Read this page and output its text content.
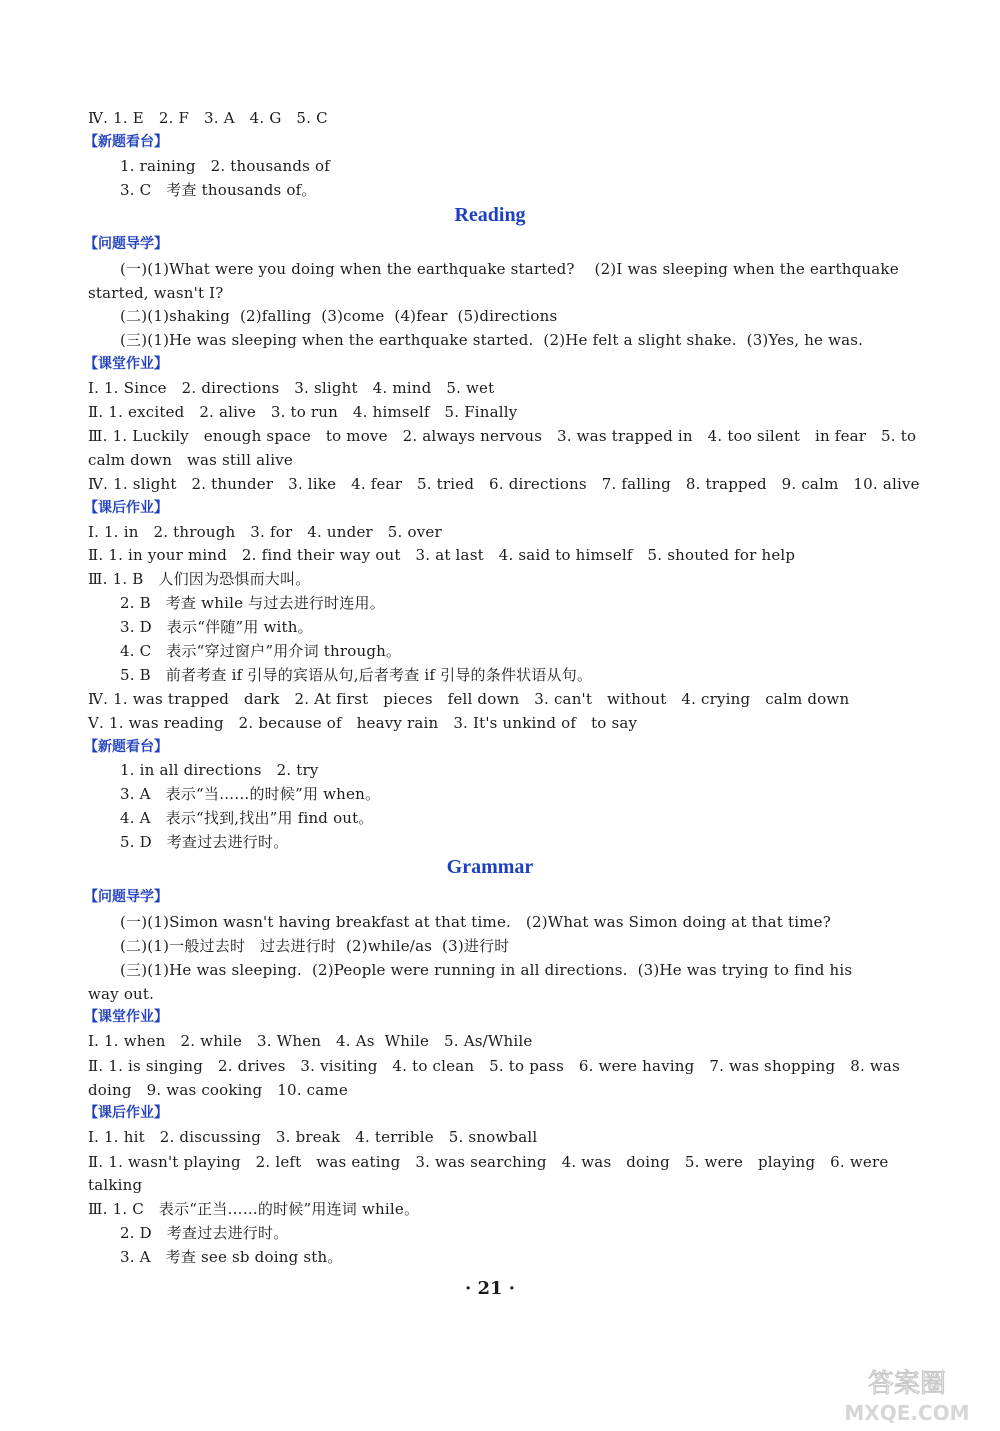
· 21 ·
答案圈
MXQE.COM
Ⅳ. 1. E   2. F   3. A   4. G   5. C
【新题看台】
1. raining   2. thousands of
3. C   考查 thousands of。
【问题导学】
(一)(1)What were you doing when the earthquake started?    (2)I was sleeping when the earthquake
started, wasn't I?
(二)(1)shaking  (2)falling  (3)come  (4)fear  (5)directions
(三)(1)He was sleeping when the earthquake started.  (2)He felt a slight shake.  (3)Yes, he was.
【课堂作业】
Ⅰ. 1. Since   2. directions   3. slight   4. mind   5. wet
Ⅱ. 1. excited   2. alive   3. to run   4. himself   5. Finally
Ⅲ. 1. Luckily   enough space   to move   2. always nervous   3. was trapped in   4. too silent   in fear   5. to
calm down   was still alive
Ⅳ. 1. slight   2. thunder   3. like   4. fear   5. tried   6. directions   7. falling   8. trapped   9. calm   10. alive
【课后作业】
Ⅰ. 1. in   2. through   3. for   4. under   5. over
Ⅱ. 1. in your mind   2. find their way out   3. at last   4. said to himself   5. shouted for help
Ⅲ. 1. B   人们因为恐惧而大叫。
2. B   考查 while 与过去进行时连用。
3. D   表示“伴随”用 with。
4. C   表示“穿过窗户”用介词 through。
5. B   前者考查 if 引导的宾语从句,后者考查 if 引导的条件状语从句。
Ⅳ. 1. was trapped   dark   2. At first   pieces   fell down   3. can't   without   4. crying   calm down
Ⅴ. 1. was reading   2. because of   heavy rain   3. It's unkind of   to say
【新题看台】
1. in all directions   2. try
3. A   表示“当……的时候”用 when。
4. A   表示“找到,找出”用 find out。
5. D   考查过去进行时。
【问题导学】
(一)(1)Simon wasn't having breakfast at that time.   (2)What was Simon doing at that time?
(二)(1)一般过去时   过去进行时  (2)while/as  (3)进行时
(三)(1)He was sleeping.  (2)People were running in all directions.  (3)He was trying to find his
way out.
【课堂作业】
Ⅰ. 1. when   2. while   3. When   4. As  While   5. As/While
Ⅱ. 1. is singing   2. drives   3. visiting   4. to clean   5. to pass   6. were having   7. was shopping   8. was
doing   9. was cooking   10. came
【课后作业】
Ⅰ. 1. hit   2. discussing   3. break   4. terrible   5. snowball
Ⅱ. 1. wasn't playing   2. left   was eating   3. was searching   4. was   doing   5. were   playing   6. were
talking
Ⅲ. 1. C   表示“正当……的时候”用连词 while。
2. D   考查过去进行时。
3. A   考查 see sb doing sth。
Reading
Grammar
